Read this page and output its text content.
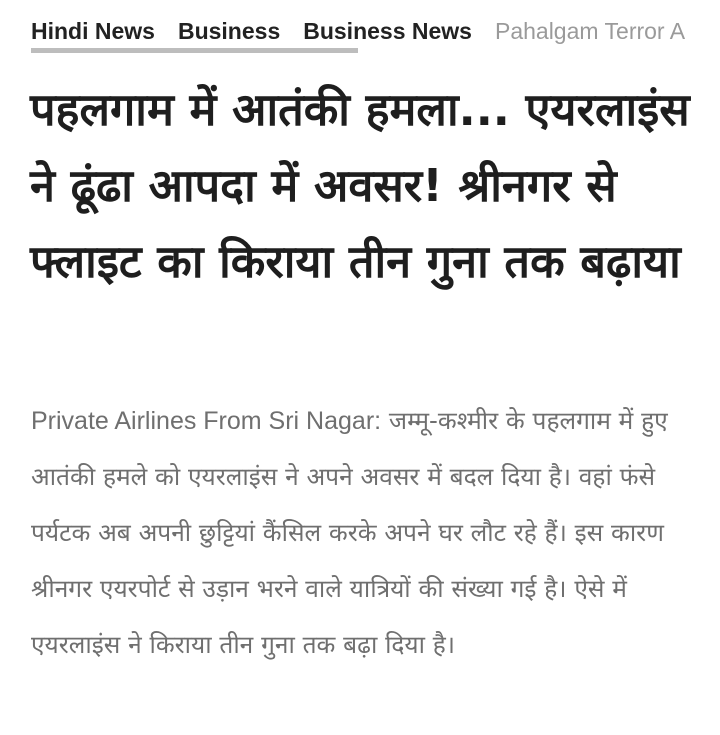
Hindi News Business Business News Pahalgam Terror A
पहलगाम में आतंकी हमला... एयरलाइंस ने ढूंढा आपदा में अवसर! श्रीनगर से फ्लाइट का किराया तीन गुना तक बढ़ाया

Private Airlines From Sri Nagar: जम्मू-कश्मीर के पहलगाम में हुए आतंकी हमले को एयरलाइंस ने अपने अवसर में बदल दिया है। वहां फंसे पर्यटक अब अपनी छुट्टियां कैंसिल करके अपने घर लौट रहे हैं। इस कारण श्रीनगर एयरपोर्ट से उड़ान भरने वाले यात्रियों की संख्या गई है। ऐसे में एयरलाइंस ने किराया तीन गुना तक बढ़ा दिया है।
